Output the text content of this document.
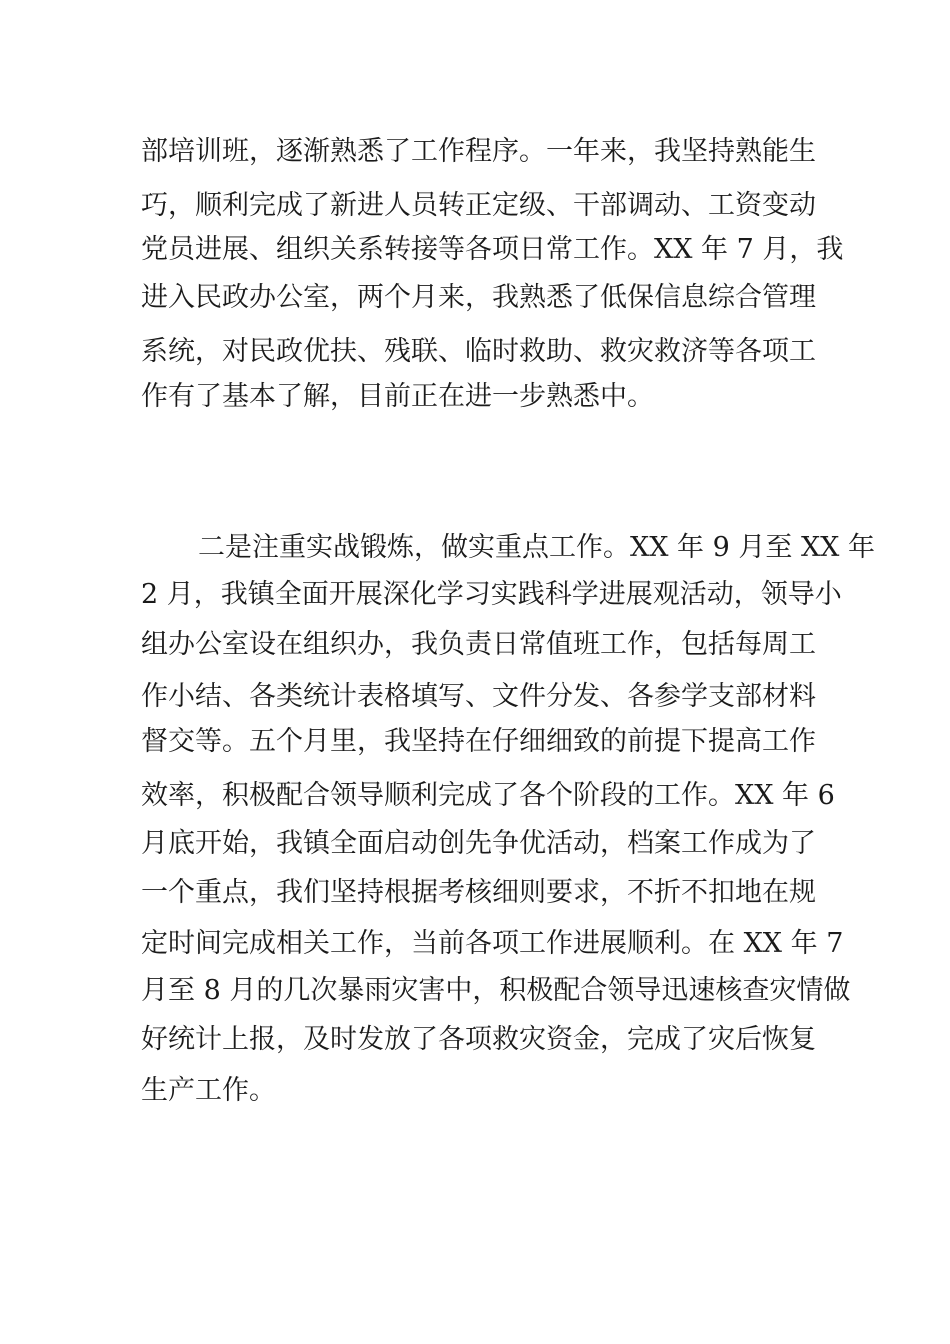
部培训班，逐渐熟悉了工作程序。一年来，我坚持熟能生
巧，顺利完成了新进人员转正定级、干部调动、工资变动
党员进展、组织关系转接等各项日常工作。XX 年 7 月，我
进入民政办公室，两个月来，我熟悉了低保信息综合管理
系统，对民政优扶、残联、临时救助、救灾救济等各项工
作有了基本了解，目前正在进一步熟悉中。
二是注重实战锻炼，做实重点工作。XX 年 9 月至 XX 年
2 月，我镇全面开展深化学习实践科学进展观活动，领导小
组办公室设在组织办，我负责日常值班工作，包括每周工
作小结、各类统计表格填写、文件分发、各参学支部材料
督交等。五个月里，我坚持在仔细细致的前提下提高工作
效率，积极配合领导顺利完成了各个阶段的工作。XX 年 6
月底开始，我镇全面启动创先争优活动，档案工作成为了
一个重点，我们坚持根据考核细则要求，不折不扣地在规
定时间完成相关工作，当前各项工作进展顺利。在 XX 年 7
月至 8 月的几次暴雨灾害中，积极配合领导迅速核查灾情做
好统计上报，及时发放了各项救灾资金，完成了灾后恢复
生产工作。
